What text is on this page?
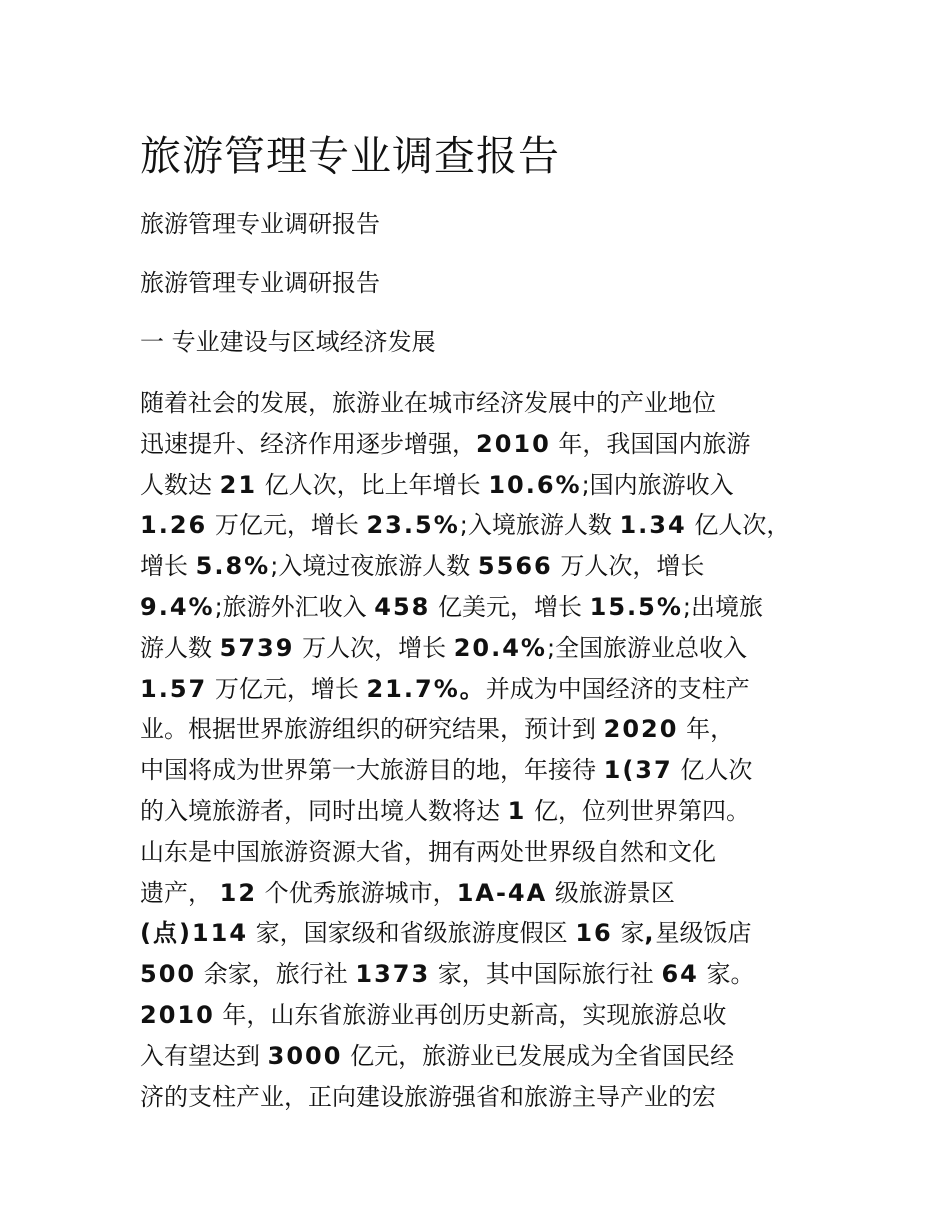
旅游管理专业调查报告

旅游管理专业调研报告

旅游管理专业调研报告

一 专业建设与区域经济发展

随着社会的发展，旅游业在城市经济发展中的产业地位
迅速提升、经济作用逐步增强，2010 年，我国国内旅游
人数达 21 亿人次，比上年增长 10.6%;国内旅游收入
1.26 万亿元，增长 23.5%;入境旅游人数 1.34 亿人次，
增长 5.8%;入境过夜旅游人数 5566 万人次，增长
9.4%;旅游外汇收入 458 亿美元，增长 15.5%;出境旅
游人数 5739 万人次，增长 20.4%;全国旅游业总收入
1.57 万亿元，增长 21.7%。并成为中国经济的支柱产
业。根据世界旅游组织的研究结果，预计到 2020 年，
中国将成为世界第一大旅游目的地，年接待 1(37 亿人次
的入境旅游者，同时出境人数将达 1 亿，位列世界第四。
山东是中国旅游资源大省，拥有两处世界级自然和文化
遗产， 12 个优秀旅游城市，1A-4A 级旅游景区
(点)114 家，国家级和省级旅游度假区 16 家,星级饭店
500 余家，旅行社 1373 家，其中国际旅行社 64 家。
2010 年，山东省旅游业再创历史新高，实现旅游总收
入有望达到 3000 亿元，旅游业已发展成为全省国民经
济的支柱产业，正向建设旅游强省和旅游主导产业的宏
